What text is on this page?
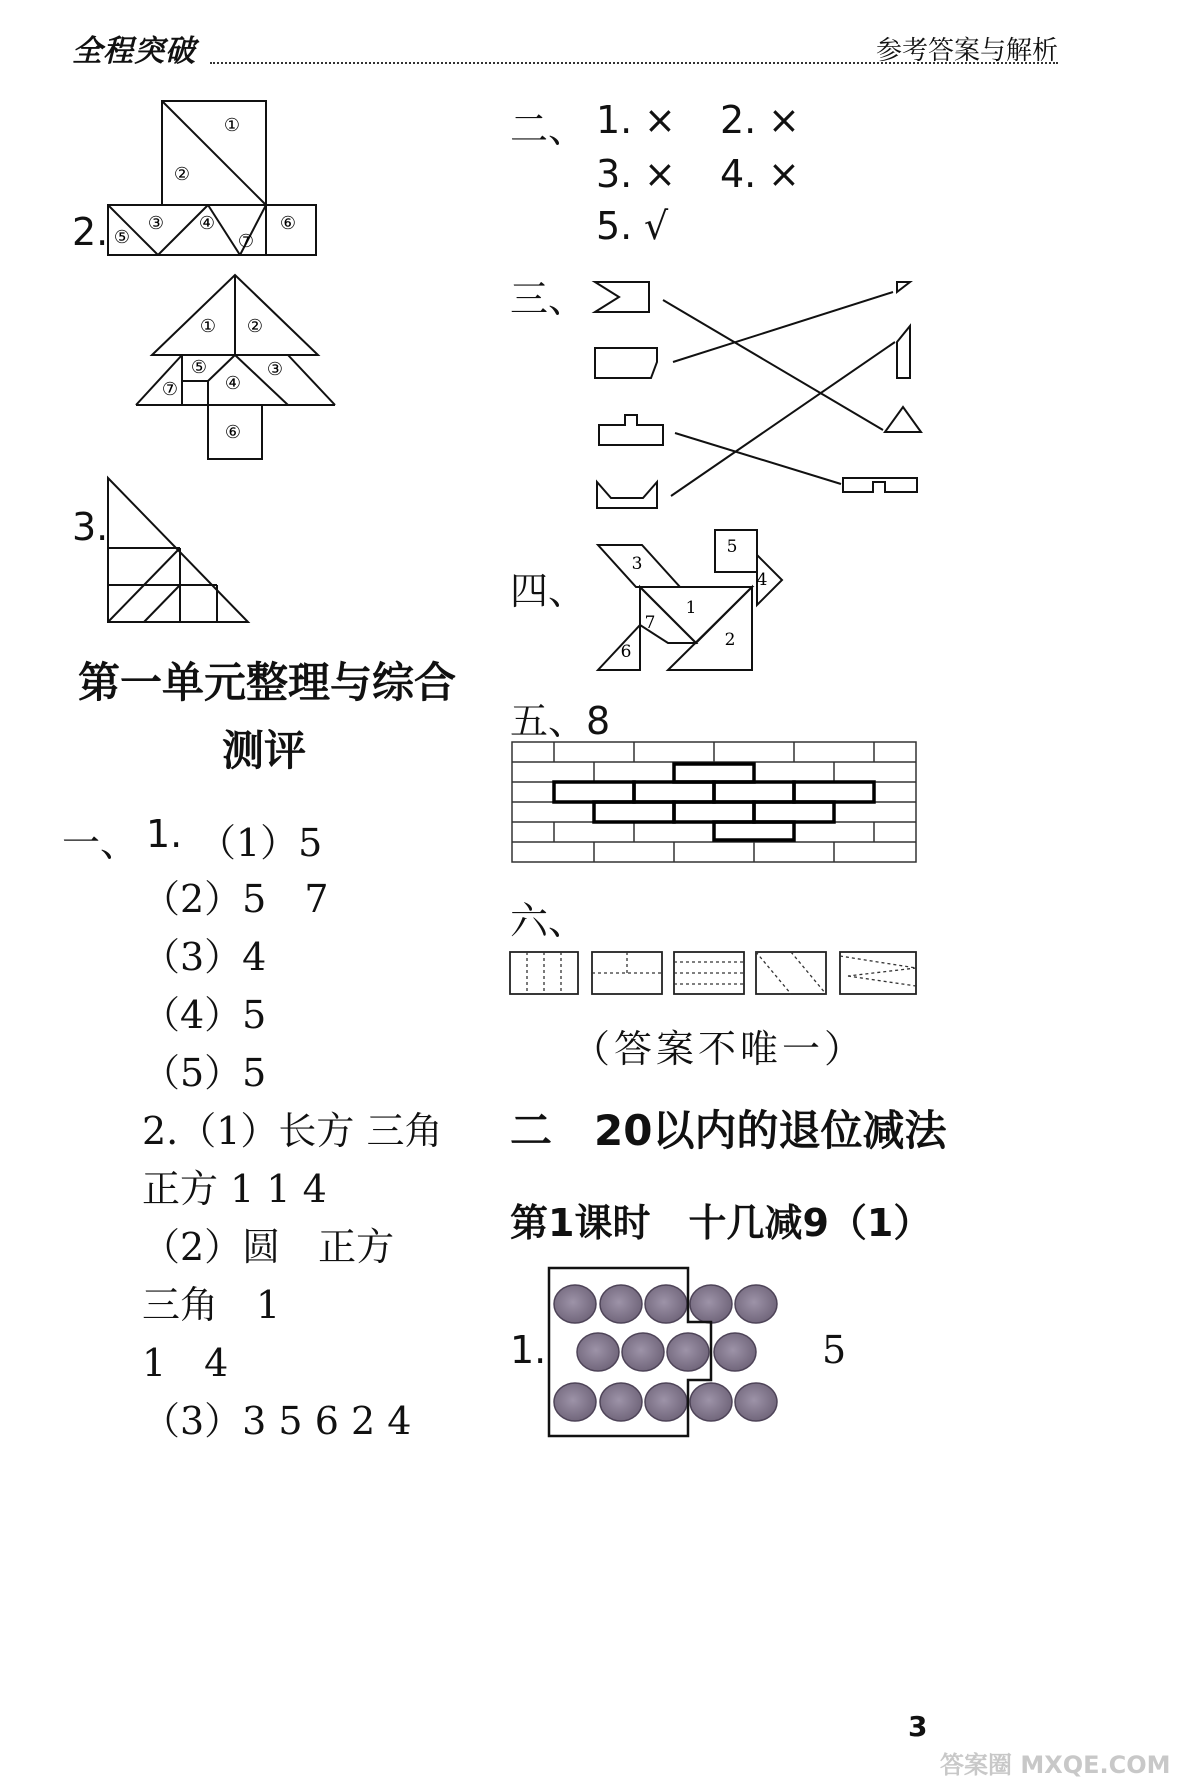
全程突破	参考答案与解析
2.
①
②
③ ④
⑤
⑥
⑦
① ②
⑤
④
③
⑦
⑥
3.
第一单元整理与综合
测评
一、 1. （1）5
（2）5　7
（3）4
（4）5
（5）5
2.（1）长方 三角
正方 1 1 4
（2）圆　正方
三角　1
1　4
（3）3 5 6 2 4
二、 1. × 2. ×
3. × 4. ×
5. √
三、
四、	1
2
3
4
5
6
7
五、8
六、
（答案不唯一）
二　20以内的退位减法
第1课时　十几减9（1）
1.	5
3
答案圈 MXQE.COM
